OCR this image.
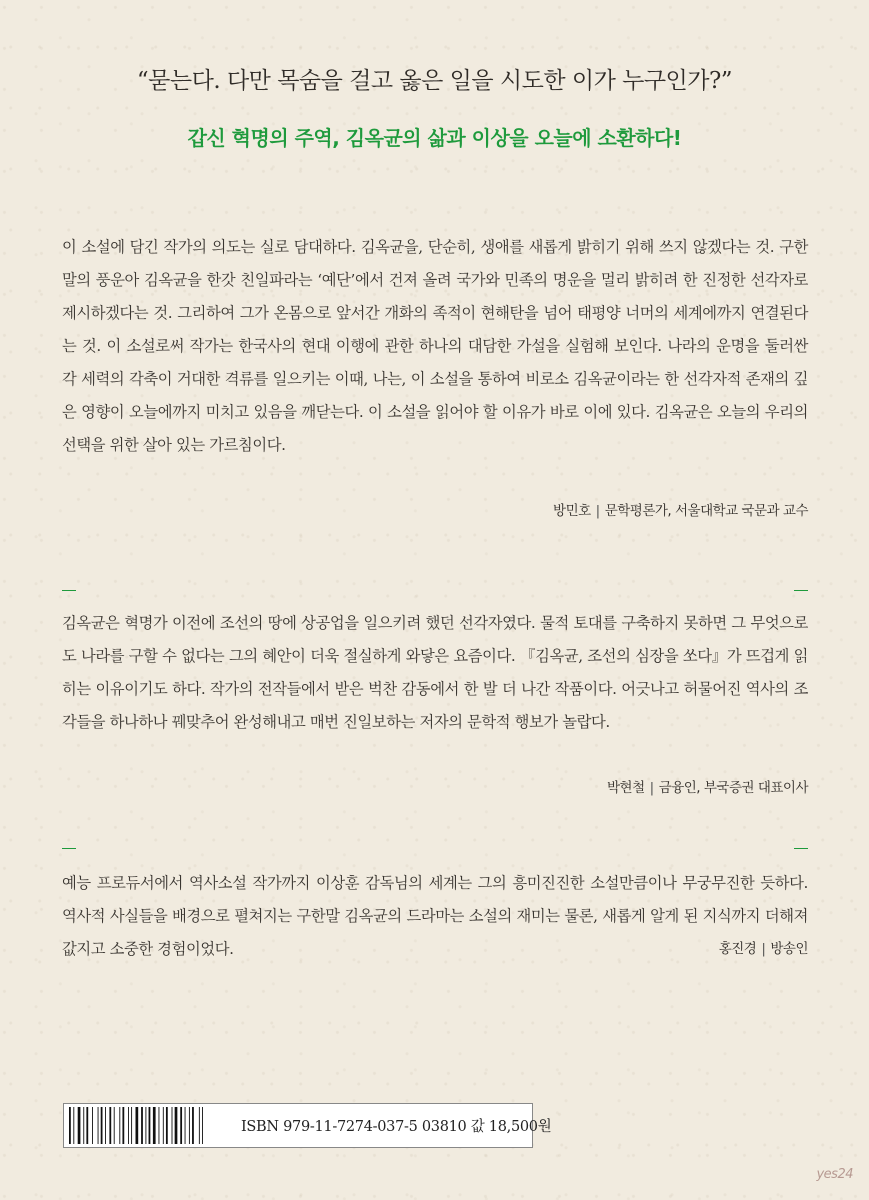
“묻는다. 다만 목숨을 걸고 옳은 일을 시도한 이가 누구인가?”
갑신 혁명의 주역, 김옥균의 삶과 이상을 오늘에 소환하다!

이 소설에 담긴 작가의 의도는 실로 담대하다. 김옥균을, 단순히, 생애를 새롭게 밝히기 위해 쓰지 않겠다는 것. 구한말의 풍운아 김옥균을 한갓 친일파라는 ‘예단’에서 건져 올려 국가와 민족의 명운을 멀리 밝히려 한 진정한 선각자로 제시하겠다는 것. 그리하여 그가 온몸으로 앞서간 개화의 족적이 현해탄을 넘어 태평양 너머의 세계에까지 연결된다는 것. 이 소설로써 작가는 한국사의 현대 이행에 관한 하나의 대담한 가설을 실험해 보인다. 나라의 운명을 둘러싼 각 세력의 각축이 거대한 격류를 일으키는 이때, 나는, 이 소설을 통하여 비로소 김옥균이라는 한 선각자적 존재의 깊은 영향이 오늘에까지 미치고 있음을 깨닫는다. 이 소설을 읽어야 할 이유가 바로 이에 있다. 김옥균은 오늘의 우리의 선택을 위한 살아 있는 가르침이다.

방민호 | 문학평론가, 서울대학교 국문과 교수

김옥균은 혁명가 이전에 조선의 땅에 상공업을 일으키려 했던 선각자였다. 물적 토대를 구축하지 못하면 그 무엇으로도 나라를 구할 수 없다는 그의 혜안이 더욱 절실하게 와닿은 요즘이다. 『김옥균, 조선의 심장을 쏘다』가 뜨겁게 읽히는 이유이기도 하다. 작가의 전작들에서 받은 벅찬 감동에서 한 발 더 나간 작품이다. 어긋나고 허물어진 역사의 조각들을 하나하나 꿰맞추어 완성해내고 매번 진일보하는 저자의 문학적 행보가 놀랍다.

박현철 | 금융인, 부국증권 대표이사

예능 프로듀서에서 역사소설 작가까지 이상훈 감독님의 세계는 그의 흥미진진한 소설만큼이나 무궁무진한 듯하다. 역사적 사실들을 배경으로 펼쳐지는 구한말 김옥균의 드라마는 소설의 재미는 물론, 새롭게 알게 된 지식까지 더해져 값지고 소중한 경험이었다.	홍진경 | 방송인
ISBN 979-11-7274-037-5 03810 값 18,500원
yes24
